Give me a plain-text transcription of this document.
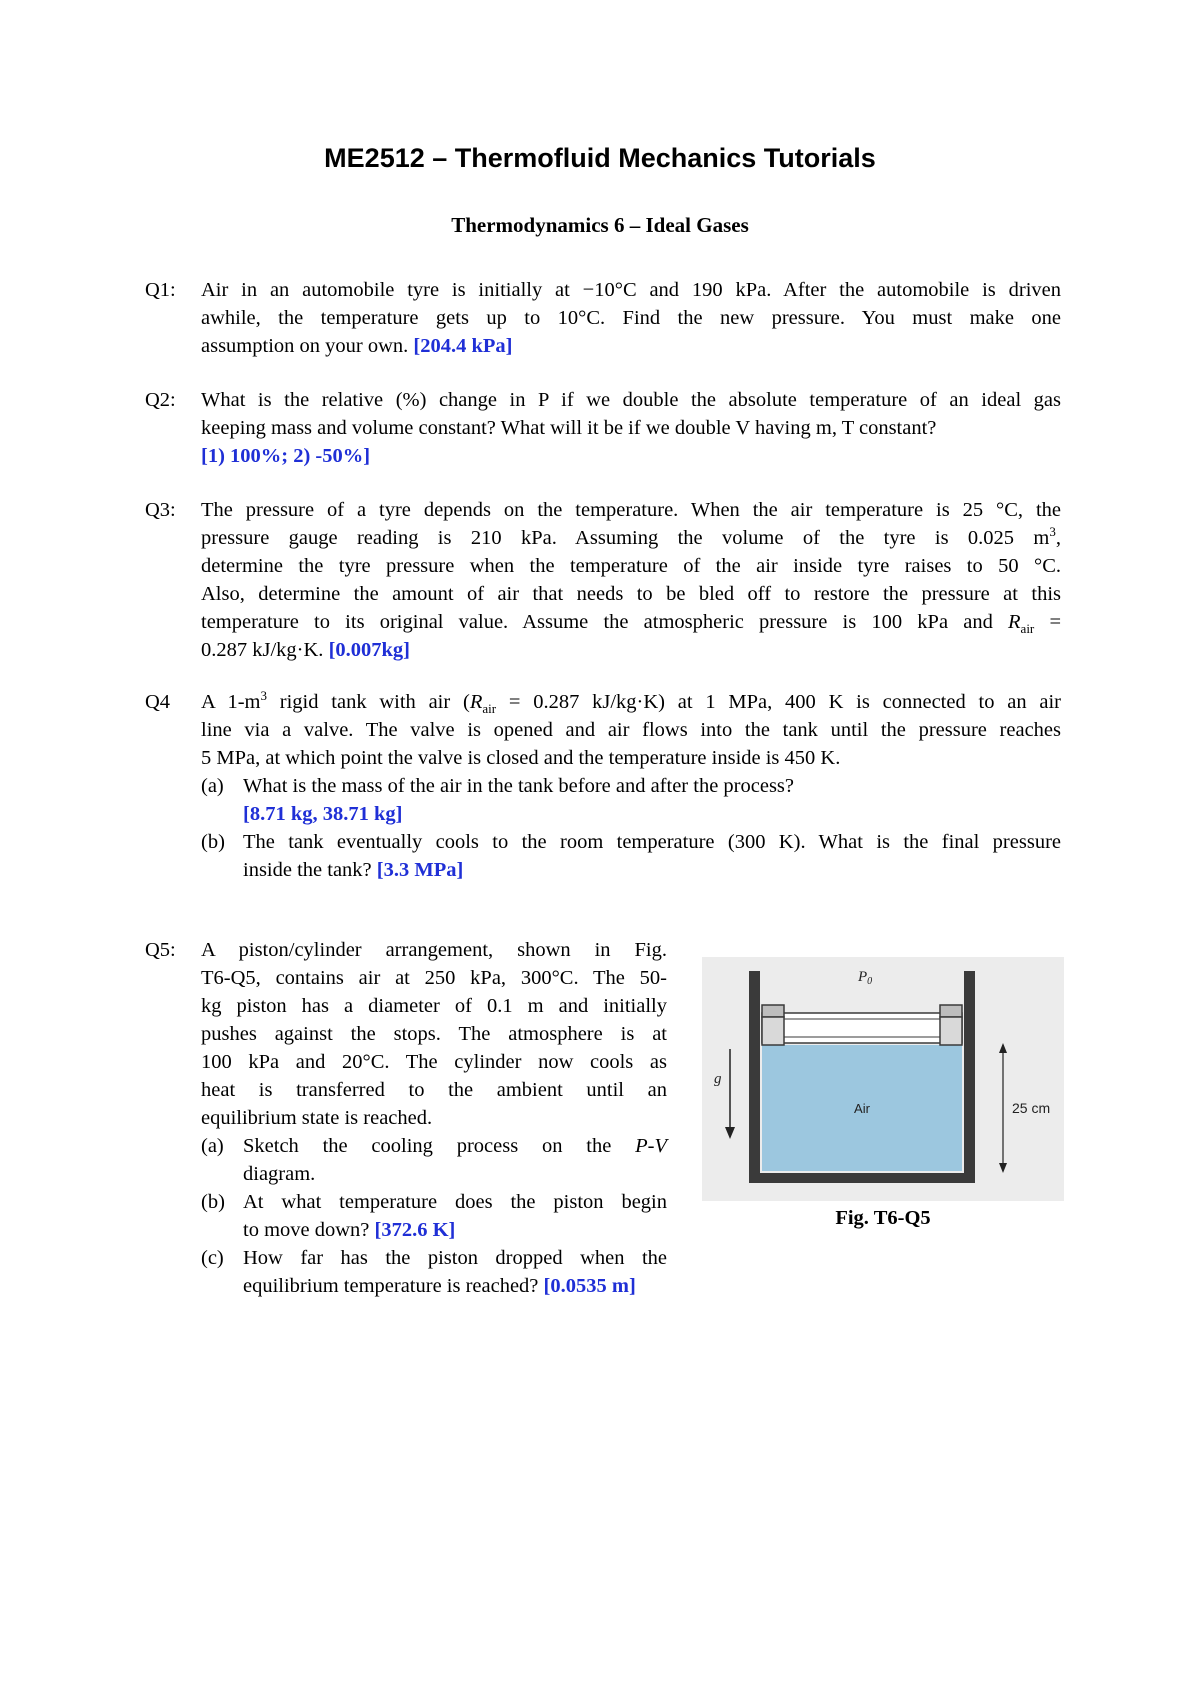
ME2512 – Thermofluid Mechanics Tutorials
Thermodynamics 6 – Ideal Gases
Q1: Air in an automobile tyre is initially at −10°C and 190 kPa. After the automobile is driven
awhile, the temperature gets up to 10°C. Find the new pressure. You must make one
assumption on your own. [204.4 kPa]
Q2: What is the relative (%) change in P if we double the absolute temperature of an ideal gas
keeping mass and volume constant? What will it be if we double V having m, T constant?
[1) 100%; 2) -50%]
Q3: The pressure of a tyre depends on the temperature. When the air temperature is 25 °C, the
pressure gauge reading is 210 kPa. Assuming the volume of the tyre is 0.025 $m^3$,
determine the tyre pressure when the temperature of the air inside tyre raises to 50 °C.
Also, determine the amount of air that needs to be bled off to restore the pressure at this
temperature to its original value. Assume the atmospheric pressure is 100 kPa and $R_{air}$ =
0.287 kJ/kg·K. [0.007kg]
Q4 A $1-m^3$ rigid tank with air ($R_{air} = 0.287$ kJ/kg·K) at 1 MPa, 400 K is connected to an air
line via a valve. The valve is opened and air flows into the tank until the pressure reaches
5 MPa, at which point the valve is closed and the temperature inside is 450 K.
(a) What is the mass of the air in the tank before and after the process?
[8.71 kg, 38.71 kg]
(b) The tank eventually cools to the room temperature (300 K). What is the final pressure
inside the tank? [3.3 MPa]
Q5: A piston/cylinder arrangement, shown in Fig.
T6-Q5, contains air at 250 kPa, 300°C. The 50-
kg piston has a diameter of 0.1 m and initially
pushes against the stops. The atmosphere is at
100 kPa and 20°C. The cylinder now cools as
heat is transferred to the ambient until an
equilibrium state is reached.
(a) Sketch the cooling process on the P-V
diagram.
(b) At what temperature does the piston begin
to move down? [372.6 K]
(c) How far has the piston dropped when the
equilibrium temperature is reached? [0.0535 m]
$P_0$
g
Air	25 cm
Fig. T6-Q5
